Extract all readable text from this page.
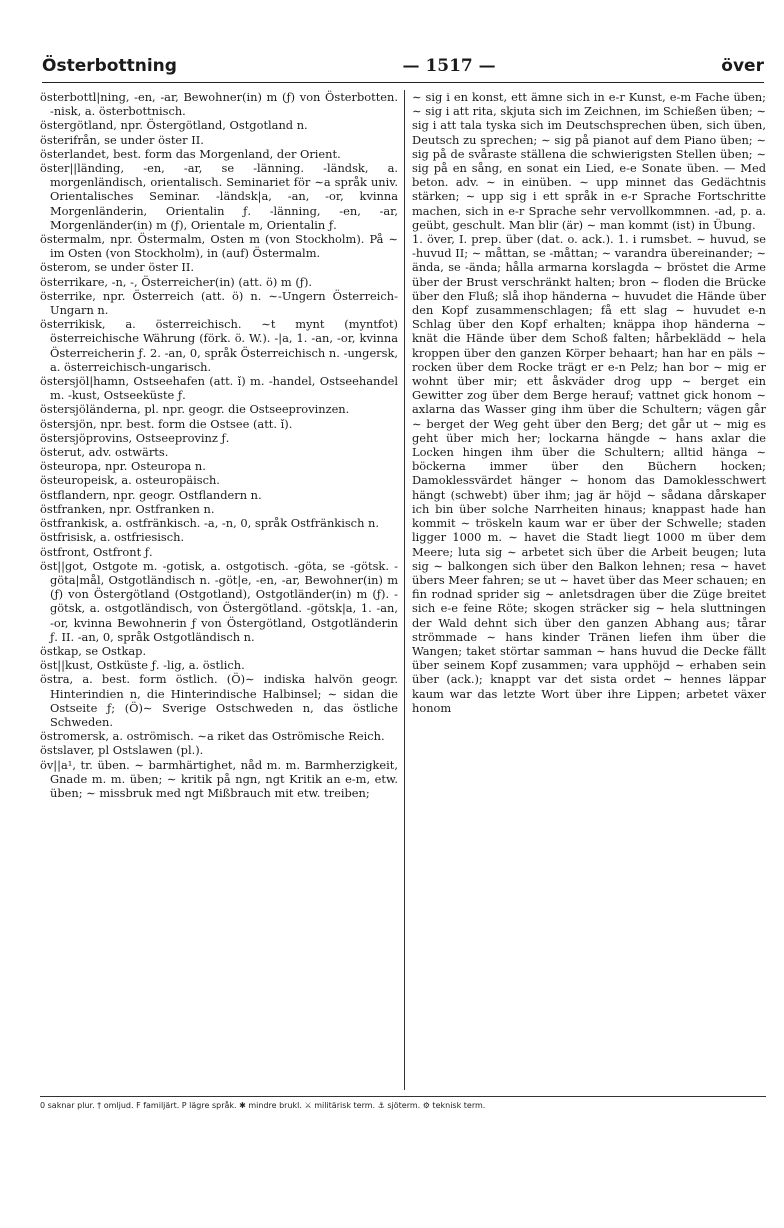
Österbottning	— 1517 —	över

österbottl|ning, -en, -ar, Bewohner(in) m (ƒ) von Österbotten. -nisk, a. österbottnisch.

östergötland, npr. Östergötland, Ostgotland n.

österifrån, se under öster II.

österlandet, best. form das Morgenland, der Orient.

öster||länding, -en, -ar, se -länning. -ländsk, a. morgenländisch, orientalisch. Seminariet för ∼a språk univ. Orientalisches Seminar. -ländsk|a, -an, -or, kvinna Morgenländerin, Orientalin ƒ. -länning, -en, -ar, Morgenländer(in) m (ƒ), Orientale m, Orientalin ƒ.

östermalm, npr. Östermalm, Osten m (von Stockholm). På ∼ im Osten (von Stockholm), in (auf) Östermalm.

österom, se under öster II.

österrikare, -n, -, Österreicher(in) (att. ö) m (ƒ).

österrike, npr. Österreich (att. ö) n. ∼-Ungern Österreich-Ungarn n.

österrikisk, a. österreichisch. ∼t mynt (myntfot) österreichische Währung (förk. ö. W.). -|a, 1. -an, -or, kvinna Österreicherin ƒ. 2. -an, 0, språk Österreichisch n. -ungersk, a. österreichisch-ungarisch.

östersjöl|hamn, Ostseehafen (att. ǐ) m. -handel, Ostseehandel m. -kust, Ostseeküste ƒ.

östersjöländerna, pl. npr. geogr. die Ostseeprovinzen.

östersjön, npr. best. form die Ostsee (att. ǐ).

östersjöprovins, Ostseeprovinz ƒ.

österut, adv. ostwärts.

östeuropa, npr. Osteuropa n.

östeuropeisk, a. osteuropäisch.

östflandern, npr. geogr. Ostflandern n.

östfranken, npr. Ostfranken n.

östfrankisk, a. ostfränkisch. -a, -n, 0, språk Ostfränkisch n.

östfrisisk, a. ostfriesisch.

östfront, Ostfront ƒ.

öst||got, Ostgote m. -gotisk, a. ostgotisch. -göta, se -götsk. -göta|mål, Ostgotländisch n. -göt|e, -en, -ar, Bewohner(in) m (ƒ) von Östergötland (Ostgotland), Ostgotländer(in) m (ƒ). -götsk, a. ostgotländisch, von Östergötland. -götsk|a, 1. -an, -or, kvinna Bewohnerin ƒ von Östergötland, Ostgotländerin ƒ. II. -an, 0, språk Ostgotländisch n.

östkap, se Ostkap.

öst||kust, Ostküste ƒ. -lig, a. östlich.

östra, a. best. form östlich. (Ö)∼ indiska halvön geogr. Hinterindien n, die Hinterindische Halbinsel; ∼ sidan die Ostseite ƒ; (Ö)∼ Sverige Ostschweden n, das östliche Schweden.

östromersk, a. oströmisch. ∼a riket das Oströmische Reich.

östslaver, pl Ostslawen (pl.).

öv||a¹, tr. üben. ∼ barmhärtighet, nåd m. m. Barmherzigkeit, Gnade m. m. üben; ∼ kritik på ngn, ngt Kritik an e-m, etw. üben; ∼ missbruk med ngt Mißbrauch mit etw. treiben;

∼ sig i en konst, ett ämne sich in e-r Kunst, e-m Fache üben; ∼ sig i att rita, skjuta sich im Zeichnen, im Schießen üben; ∼ sig i att tala tyska sich im Deutschsprechen üben, sich üben, Deutsch zu sprechen; ∼ sig på pianot auf dem Piano üben; ∼ sig på de svåraste ställena die schwierigsten Stellen üben; ∼ sig på en sång, en sonat ein Lied, e-e Sonate üben. — Med beton. adv. ∼ in einüben. ∼ upp minnet das Gedächtnis stärken; ∼ upp sig i ett språk in e-r Sprache Fortschritte machen, sich in e-r Sprache sehr vervollkommnen. -ad, p. a. geübt, geschult. Man blir (är) ∼ man kommt (ist) in Übung.

1. över, I. prep. über (dat. o. ack.). 1. i rumsbet. ∼ huvud, se -huvud II; ∼ måttan, se -måttan; ∼ varandra übereinander; ∼ ända, se -ända; hålla armarna korslagda ∼ bröstet die Arme über der Brust verschränkt halten; bron ∼ floden die Brücke über den Fluß; slå ihop händerna ∼ huvudet die Hände über den Kopf zusammenschlagen; få ett slag ∼ huvudet e-n Schlag über den Kopf erhalten; knäppa ihop händerna ∼ knät die Hände über dem Schoß falten; hårbeklädd ∼ hela kroppen über den ganzen Körper behaart; han har en päls ∼ rocken über dem Rocke trägt er e-n Pelz; han bor ∼ mig er wohnt über mir; ett åskväder drog upp ∼ berget ein Gewitter zog über dem Berge herauf; vattnet gick honom ∼ axlarna das Wasser ging ihm über die Schultern; vägen går ∼ berget der Weg geht über den Berg; det går ut ∼ mig es geht über mich her; lockarna hängde ∼ hans axlar die Locken hingen ihm über die Schultern; alltid hänga ∼ böckerna immer über den Büchern hocken; Damoklessvärdet hänger ∼ honom das Damoklesschwert hängt (schwebt) über ihm; jag är höjd ∼ sådana dårskaper ich bin über solche Narrheiten hinaus; knappast hade han kommit ∼ tröskeln kaum war er über der Schwelle; staden ligger 1000 m. ∼ havet die Stadt liegt 1000 m über dem Meere; luta sig ∼ arbetet sich über die Arbeit beugen; luta sig ∼ balkongen sich über den Balkon lehnen; resa ∼ havet übers Meer fahren; se ut ∼ havet über das Meer schauen; en fin rodnad sprider sig ∼ anletsdragen über die Züge breitet sich e-e feine Röte; skogen sträcker sig ∼ hela sluttningen der Wald dehnt sich über den ganzen Abhang aus; tårar strömmade ∼ hans kinder Tränen liefen ihm über die Wangen; taket störtar samman ∼ hans huvud die Decke fällt über seinem Kopf zusammen; vara upphöjd ∼ erhaben sein über (ack.); knappt var det sista ordet ∼ hennes läppar kaum war das letzte Wort über ihre Lippen; arbetet växer honom

0 saknar plur. † omljud. F familjärt. P lägre språk. ✱ mindre brukl. ⚔ militärisk term. ⚓ sjöterm. ⚙ teknisk term.
